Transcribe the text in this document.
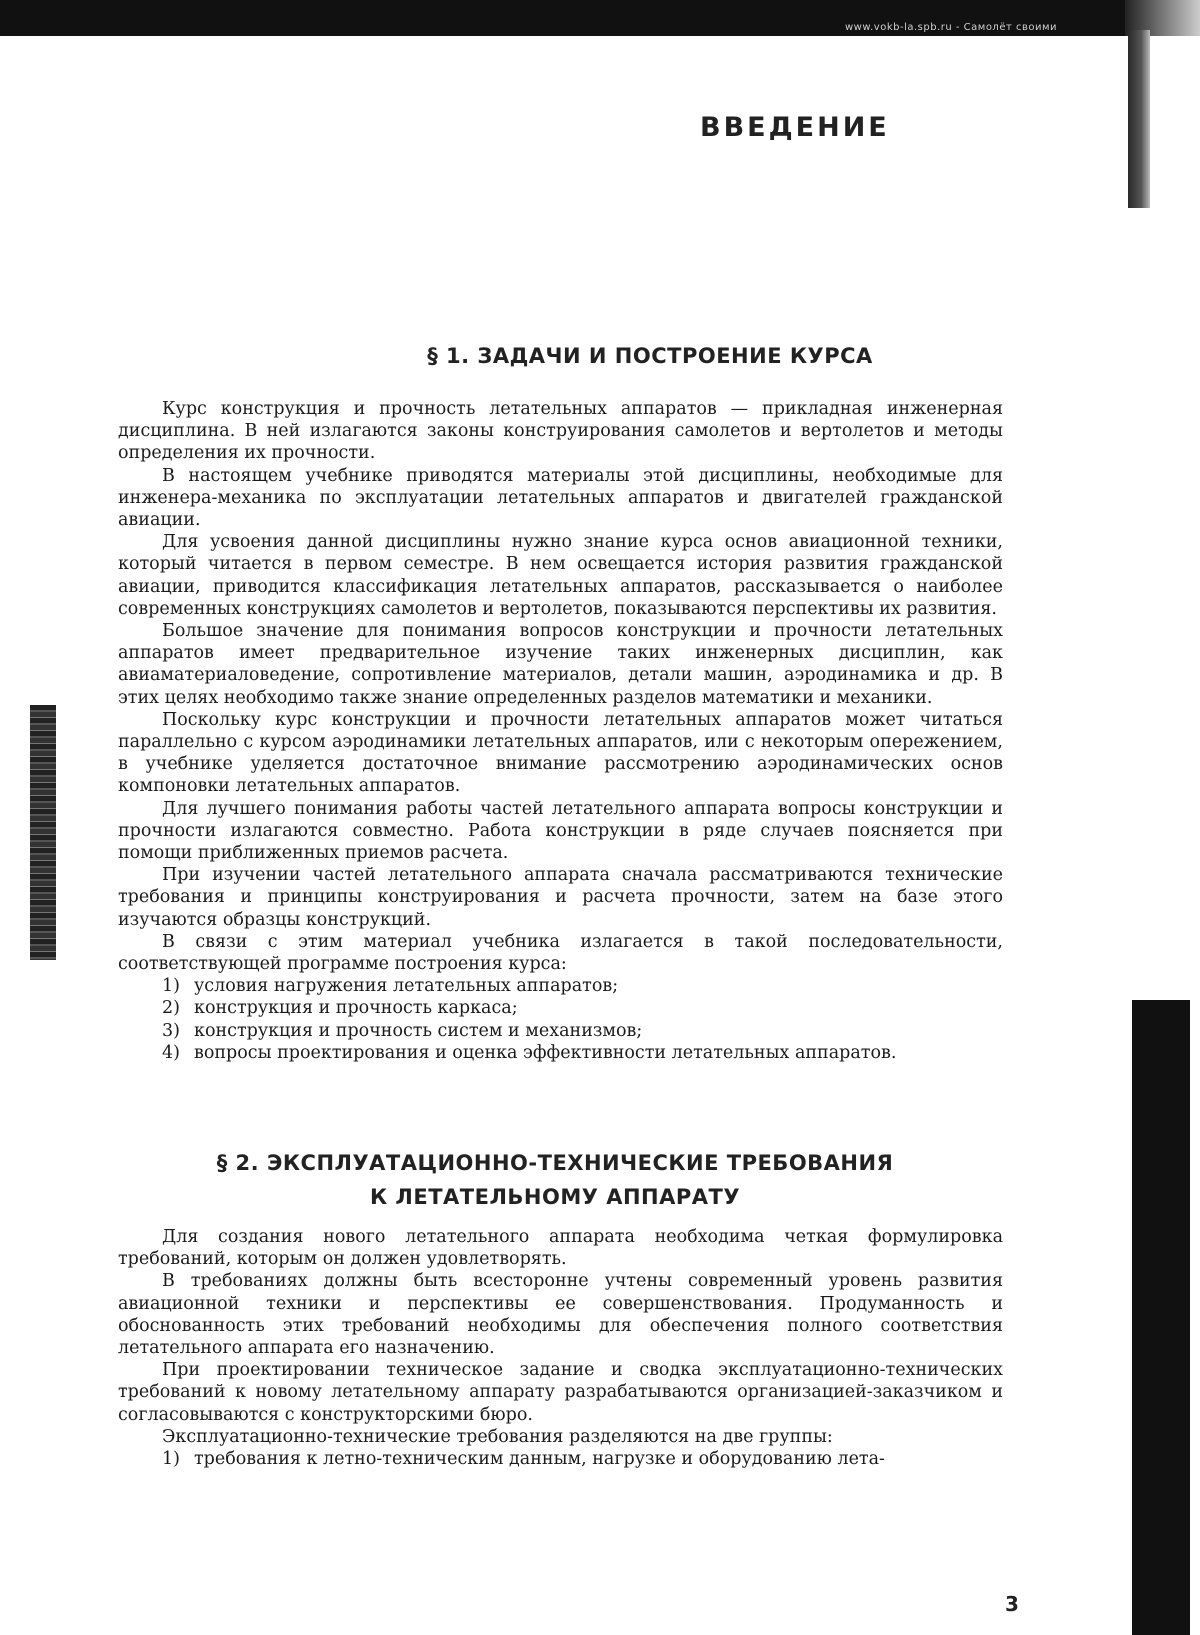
www.vokb-la.spb.ru - Самолёт своими
ВВЕДЕНИЕ
§ 1. ЗАДАЧИ И ПОСТРОЕНИЕ КУРСА

Курс конструкция и прочность летательных аппаратов — прикладная инженерная дисциплина. В ней излагаются законы конструирования самолетов и вертолетов и методы определения их прочности.

В настоящем учебнике приводятся материалы этой дисциплины, необходимые для инженера-механика по эксплуатации летательных аппаратов и двигателей гражданской авиации.

Для усвоения данной дисциплины нужно знание курса основ авиационной техники, который читается в первом семестре. В нем освещается история развития гражданской авиации, приводится классификация летательных аппаратов, рассказывается о наиболее современных конструкциях самолетов и вертолетов, показываются перспективы их развития.

Большое значение для понимания вопросов конструкции и прочности летательных аппаратов имеет предварительное изучение таких инженерных дисциплин, как авиаматериаловедение, сопротивление материалов, детали машин, аэродинамика и др. В этих целях необходимо также знание определенных разделов математики и механики.

Поскольку курс конструкции и прочности летательных аппаратов может читаться параллельно с курсом аэродинамики летательных аппаратов, или с некоторым опережением, в учебнике уделяется достаточное внимание рассмотрению аэродинамических основ компоновки летательных аппаратов.

Для лучшего понимания работы частей летательного аппарата вопросы конструкции и прочности излагаются совместно. Работа конструкции в ряде случаев поясняется при помощи приближенных приемов расчета.

При изучении частей летательного аппарата сначала рассматриваются технические требования и принципы конструирования и расчета прочности, затем на базе этого изучаются образцы конструкций.

В связи с этим материал учебника излагается в такой последовательности, соответствующей программе построения курса:

1) условия нагружения летательных аппаратов;
2) конструкция и прочность каркаса;
3) конструкция и прочность систем и механизмов;
4) вопросы проектирования и оценка эффективности летательных аппаратов.
§ 2. ЭКСПЛУАТАЦИОННО-ТЕХНИЧЕСКИЕ ТРЕБОВАНИЯ
К ЛЕТАТЕЛЬНОМУ АППАРАТУ

Для создания нового летательного аппарата необходима четкая формулировка требований, которым он должен удовлетворять.

В требованиях должны быть всесторонне учтены современный уровень развития авиационной техники и перспективы ее совершенствования. Продуманность и обоснованность этих требований необходимы для обеспечения полного соответствия летательного аппарата его назначению.

При проектировании техническое задание и сводка эксплуатационно-технических требований к новому летательному аппарату разрабатываются организацией-заказчиком и согласовываются с конструкторскими бюро.

Эксплуатационно-технические требования разделяются на две группы:

1) требования к летно-техническим данным, нагрузке и оборудованию лета-

3
